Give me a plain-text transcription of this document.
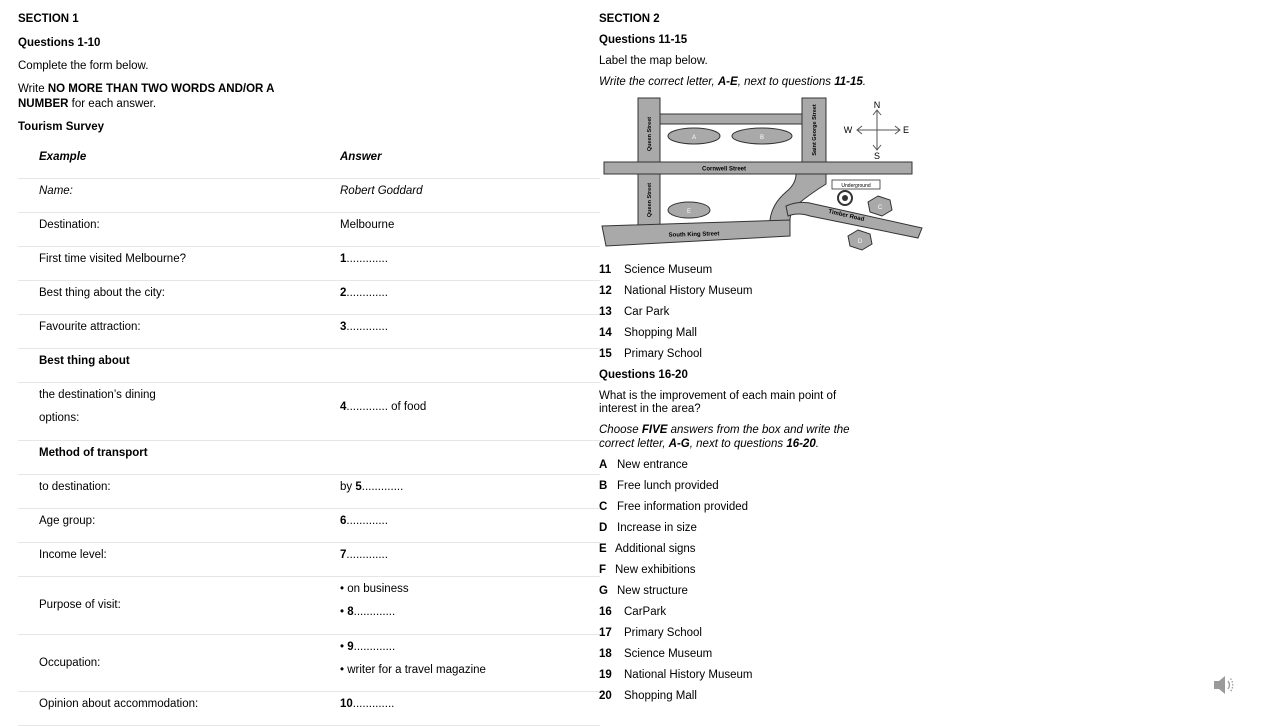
SECTION 1
Questions 1-10
Complete the form below.
Write NO MORE THAN TWO WORDS AND/OR A
NUMBER for each answer.
Tourism Survey
Example	Answer
Name:	Robert Goddard
Destination:	Melbourne
First time visited Melbourne?	1.............
Best thing about the city:	2.............
Favourite attraction:	3.............
Best thing about
the destination’s dining
options:
4............. of food
Method of transport
to destination:	by 5.............
Age group:	6.............
Income level:	7.............
Purpose of visit:
• on business
• 8.............
Occupation:
• 9.............
• writer for a travel magazine
Opinion about accommodation:	10.............
SECTION 2
Questions 11-15
Label the map below.
Write the correct letter, A-E, next to questions 11-15.
N
S
W	E
A	B
E
C
D
Cornwell Street
South King Street
Timber Road
Underground
Queen Street
Queen Street
Saint George Street
11 Science Museum
12 National History Museum
13 Car Park
14 Shopping Mall
15 Primary School
Questions 16-20
What is the improvement of each main point of
interest in the area?
Choose FIVE answers from the box and write the
correct letter, A-G, next to questions 16-20.
A New entrance
B Free lunch provided
C Free information provided
D Increase in size
E Additional signs
F New exhibitions
G New structure
16 CarPark
17 Primary School
18 Science Museum
19 National History Museum
20 Shopping Mall
